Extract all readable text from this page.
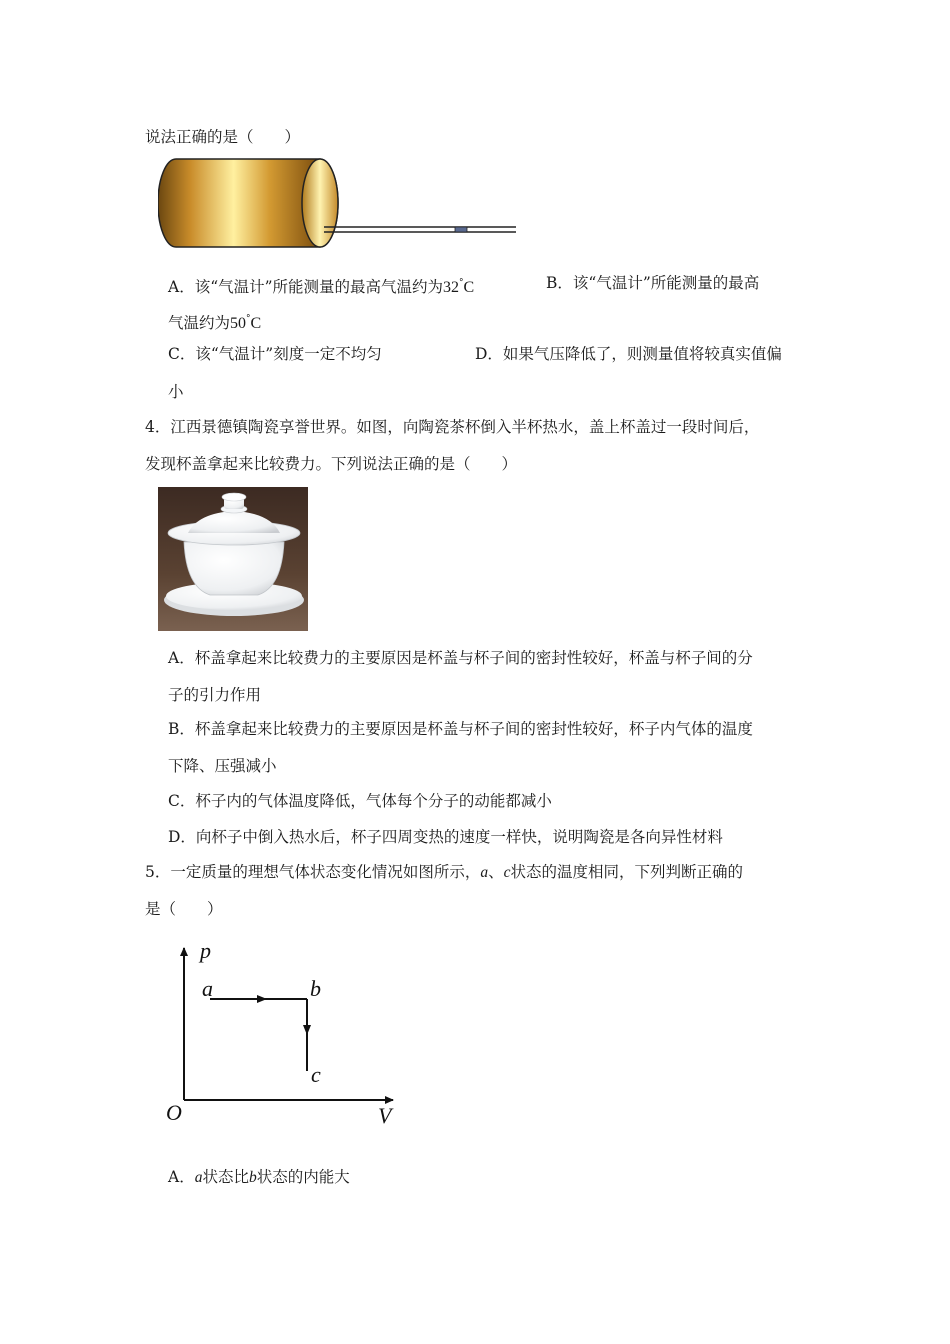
说法正确的是（　　）
A．该“气温计”所能测量的最高气温约为32°C	B．该“气温计”所能测量的最高
气温约为50°C
C．该“气温计”刻度一定不均匀	D．如果气压降低了，则测量值将较真实值偏
小
4．江西景德镇陶瓷享誉世界。如图，向陶瓷茶杯倒入半杯热水，盖上杯盖过一段时间后，
发现杯盖拿起来比较费力。下列说法正确的是（　　）
A．杯盖拿起来比较费力的主要原因是杯盖与杯子间的密封性较好，杯盖与杯子间的分
子的引力作用
B．杯盖拿起来比较费力的主要原因是杯盖与杯子间的密封性较好，杯子内气体的温度
下降、压强减小
C．杯子内的气体温度降低，气体每个分子的动能都减小
D．向杯子中倒入热水后，杯子四周变热的速度一样快，说明陶瓷是各向异性材料
5．一定质量的理想气体状态变化情况如图所示，a、c状态的温度相同，下列判断正确的
是（　　）
p
V
O
a	b
c
A．a状态比b状态的内能大
